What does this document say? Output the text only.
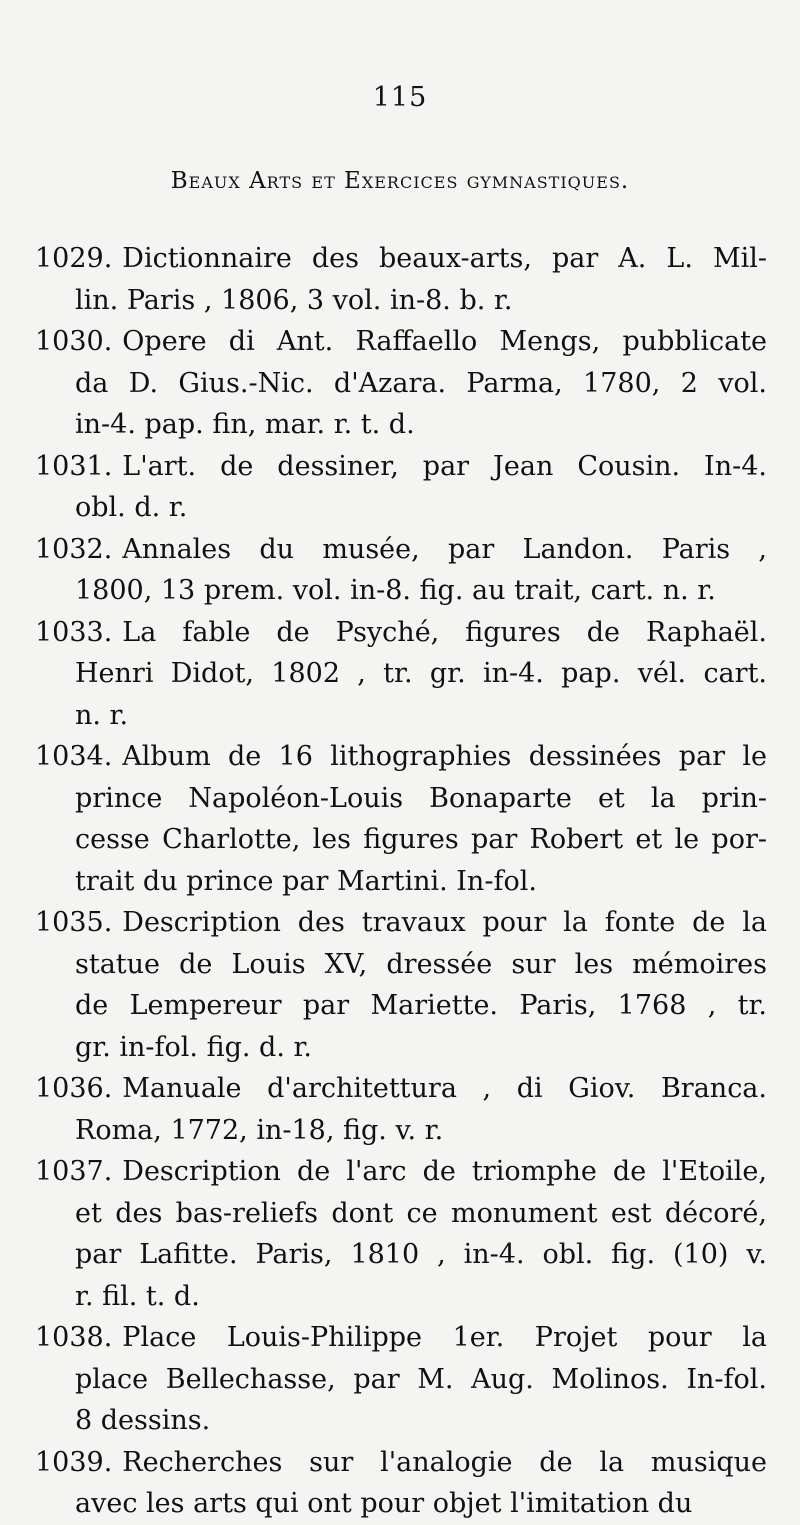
115
Beaux Arts et Exercices gymnastiques.
1029. Dictionnaire des beaux-arts, par A. L. Mil-
lin. Paris , 1806, 3 vol. in-8. b. r.
1030. Opere di Ant. Raffaello Mengs, pubblicate
da D. Gius.-Nic. d'Azara. Parma, 1780, 2 vol.
in-4. pap. fin, mar. r. t. d.
1031. L'art. de dessiner, par Jean Cousin. In-4.
obl. d. r.
1032. Annales du musée, par Landon. Paris ,
1800, 13 prem. vol. in-8. fig. au trait, cart. n. r.
1033. La fable de Psyché, figures de Raphaël.
Henri Didot, 1802 , tr. gr. in-4. pap. vél. cart.
n. r.
1034. Album de 16 lithographies dessinées par le
prince Napoléon-Louis Bonaparte et la prin-
cesse Charlotte, les figures par Robert et le por-
trait du prince par Martini. In-fol.
1035. Description des travaux pour la fonte de la
statue de Louis XV, dressée sur les mémoires
de Lempereur par Mariette. Paris, 1768 , tr.
gr. in-fol. fig. d. r.
1036. Manuale d'architettura , di Giov. Branca.
Roma, 1772, in-18, fig. v. r.
1037. Description de l'arc de triomphe de l'Etoile,
et des bas-reliefs dont ce monument est décoré,
par Lafitte. Paris, 1810 , in-4. obl. fig. (10) v.
r. fil. t. d.
1038. Place Louis-Philippe 1er. Projet pour la
place Bellechasse, par M. Aug. Molinos. In-fol.
8 dessins.
1039. Recherches sur l'analogie de la musique
avec les arts qui ont pour objet l'imitation du
